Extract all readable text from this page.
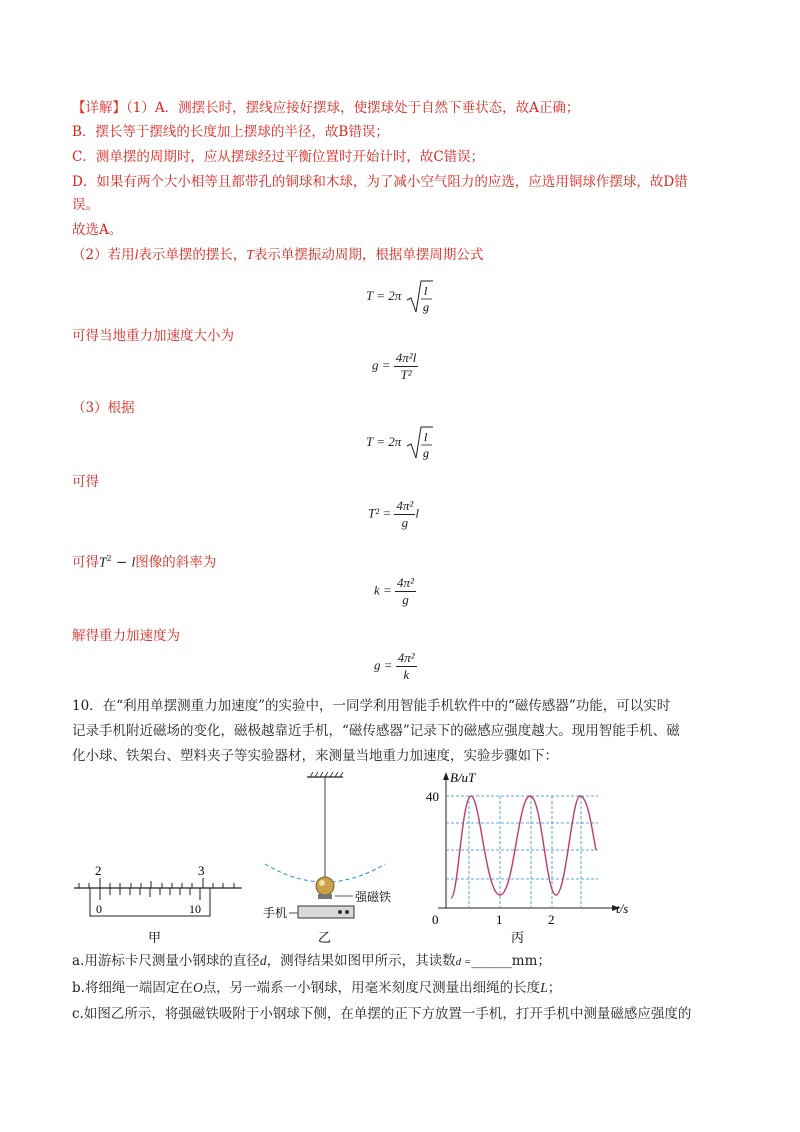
【详解】（1）A．测摆长时，摆线应接好摆球，使摆球处于自然下垂状态，故A正确；
B．摆长等于摆线的长度加上摆球的半径，故B错误；
C．测单摆的周期时，应从摆球经过平衡位置时开始计时，故C错误；
D．如果有两个大小相等且都带孔的铜球和木球，为了减小空气阻力的应选，应选用铜球作摆球，故D错
误。
故选A。
（2）若用l表示单摆的摆长，T表示单摆振动周期，根据单摆周期公式
T = 2π l
g
可得当地重力加速度大小为
$g = \frac{\text{4π²l}}{\text{T²}}$
（3）根据
T = 2π l
g
可得
$T^2 = \frac{\text{4π²}}{g}$ l
可得$T^2 - l$图像的斜率为
$k = \frac{\text{4π²}}{g}$
解得重力加速度为
$g = \frac{\text{4π²}}{k}$
10．在“利用单摆测重力加速度”的实验中，一同学利用智能手机软件中的“磁传感器”功能，可以实时
记录手机附近磁场的变化，磁极越靠近手机，“磁传感器”记录下的磁感应强度越大。现用智能手机、磁
化小球、铁架台、塑料夹子等实验器材，来测量当地重力加速度，实验步骤如下：
2	3
0	10
甲
强磁铁
手机
乙
B/uT
40
t/s
0	1	2
丙
a.用游标卡尺测量小钢球的直径d，测得结果如图甲所示，其读数d =______mm；
b.将细绳一端固定在O点，另一端系一小钢球，用毫米刻度尺测量出细绳的长度L；
c.如图乙所示，将强磁铁吸附于小钢球下侧，在单摆的正下方放置一手机，打开手机中测量磁感应强度的
